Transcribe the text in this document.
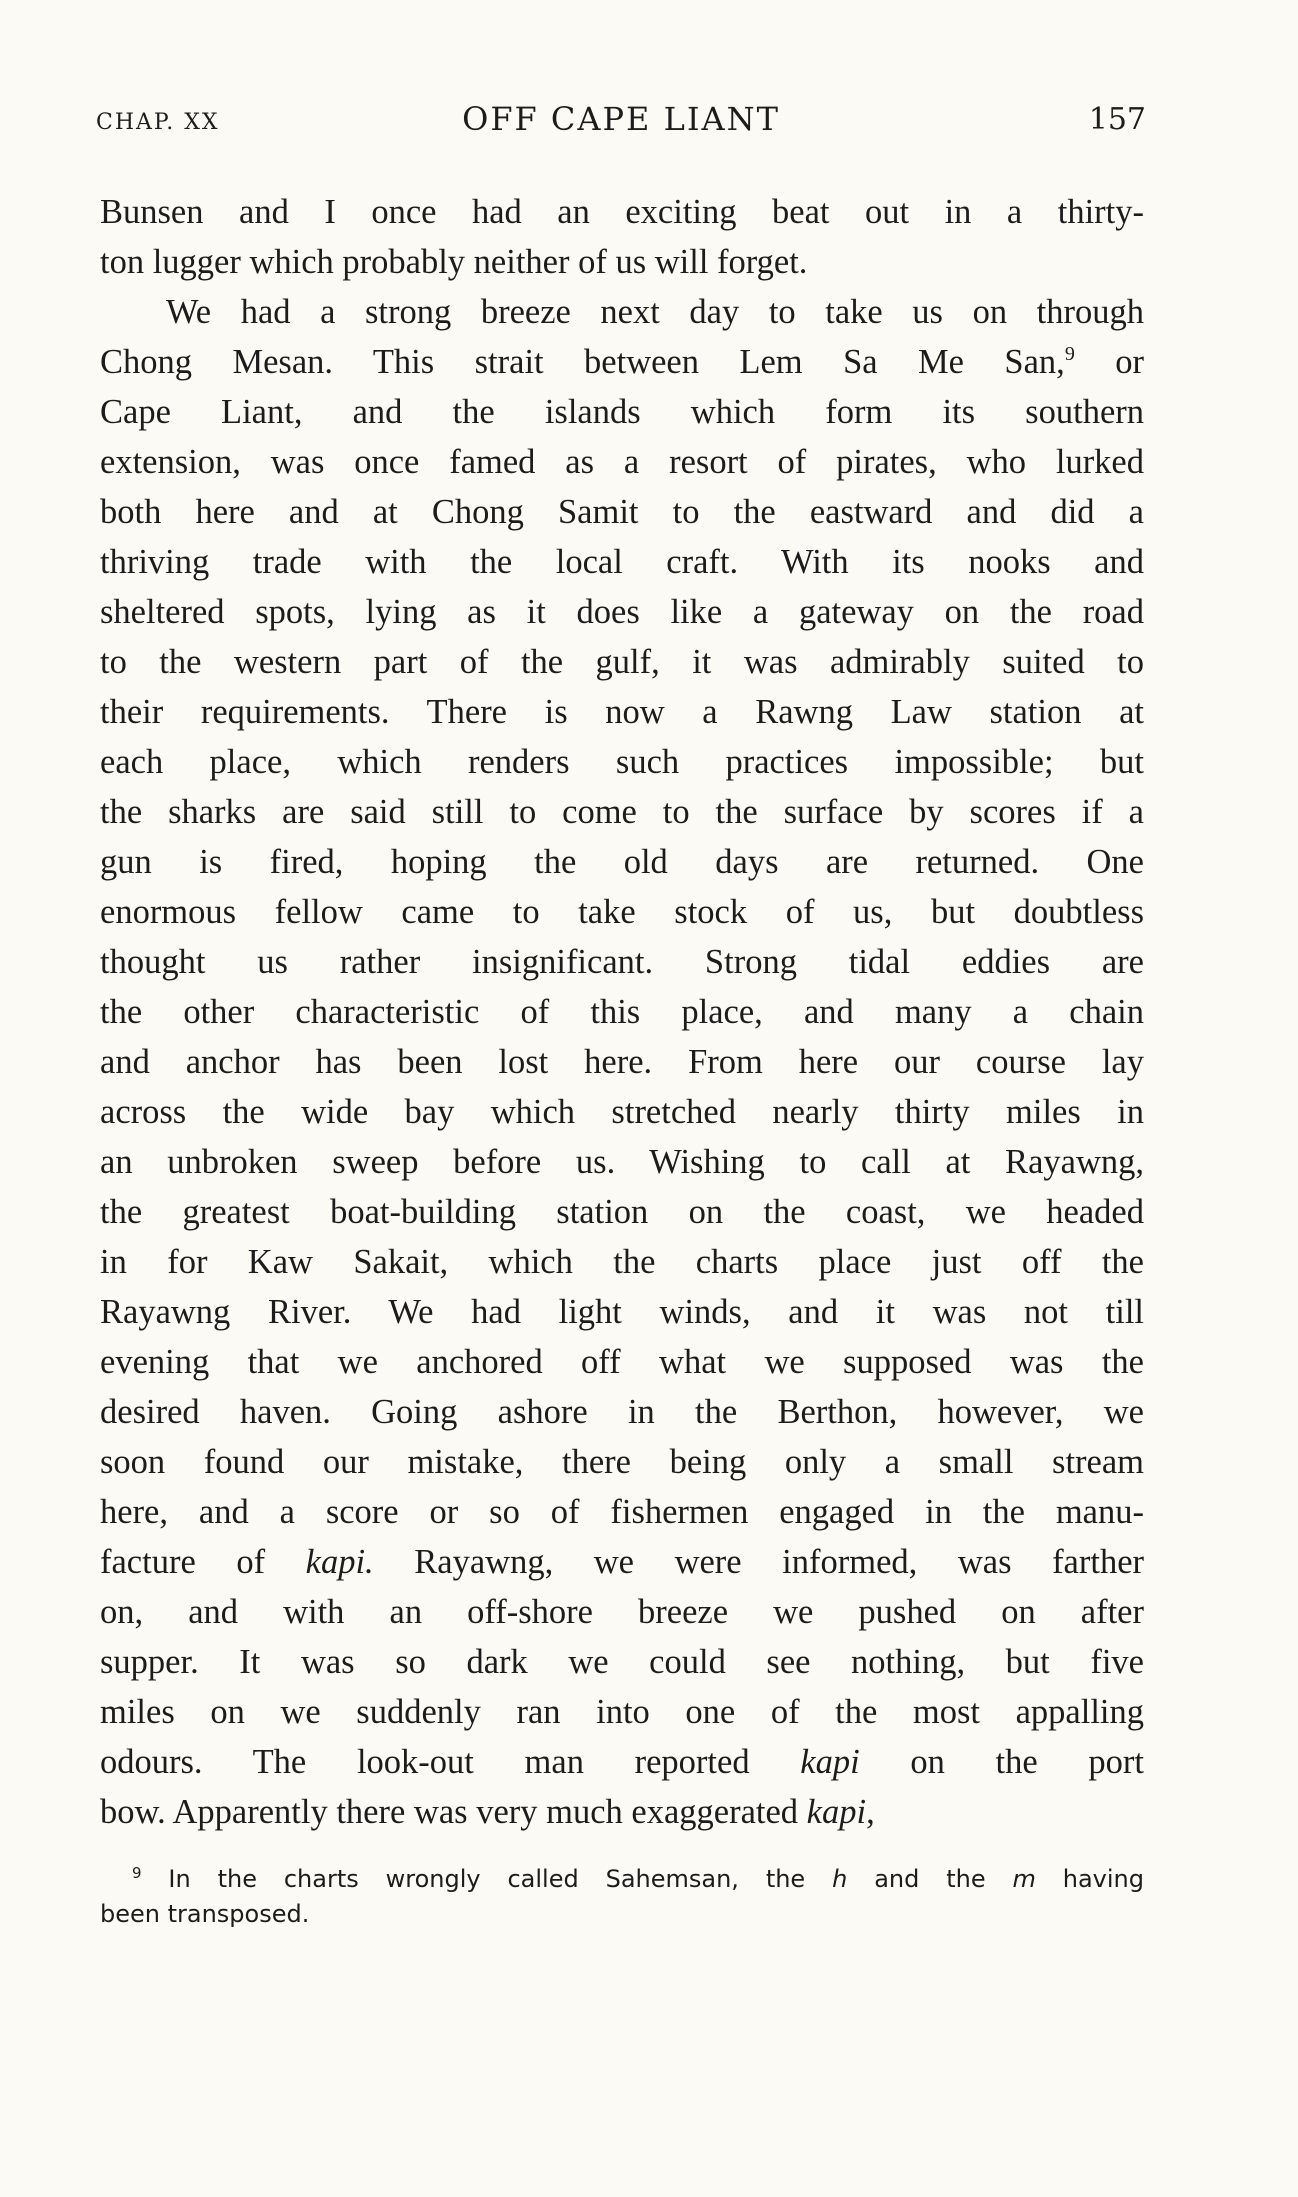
CHAP. XX	OFF CAPE LIANT	157
Bunsen and I once had an exciting beat out in a thirty-
ton lugger which probably neither of us will forget.
We had a strong breeze next day to take us on through
Chong Mesan. This strait between Lem Sa Me San,$^9$ or
Cape Liant, and the islands which form its southern
extension, was once famed as a resort of pirates, who lurked
both here and at Chong Samit to the eastward and did a
thriving trade with the local craft. With its nooks and
sheltered spots, lying as it does like a gateway on the road
to the western part of the gulf, it was admirably suited to
their requirements. There is now a Rawng Law station at
each place, which renders such practices impossible; but
the sharks are said still to come to the surface by scores if a
gun is fired, hoping the old days are returned. One
enormous fellow came to take stock of us, but doubtless
thought us rather insignificant. Strong tidal eddies are
the other characteristic of this place, and many a chain
and anchor has been lost here. From here our course lay
across the wide bay which stretched nearly thirty miles in
an unbroken sweep before us. Wishing to call at Rayawng,
the greatest boat-building station on the coast, we headed
in for Kaw Sakait, which the charts place just off the
Rayawng River. We had light winds, and it was not till
evening that we anchored off what we supposed was the
desired haven. Going ashore in the Berthon, however, we
soon found our mistake, there being only a small stream
here, and a score or so of fishermen engaged in the manu-
facture of kapi. Rayawng, we were informed, was farther
on, and with an off-shore breeze we pushed on after
supper. It was so dark we could see nothing, but five
miles on we suddenly ran into one of the most appalling
odours. The look-out man reported kapi on the port
bow. Apparently there was very much exaggerated kapi,
$^9$ In the charts wrongly called Sahemsan, the h and the m having
been transposed.
